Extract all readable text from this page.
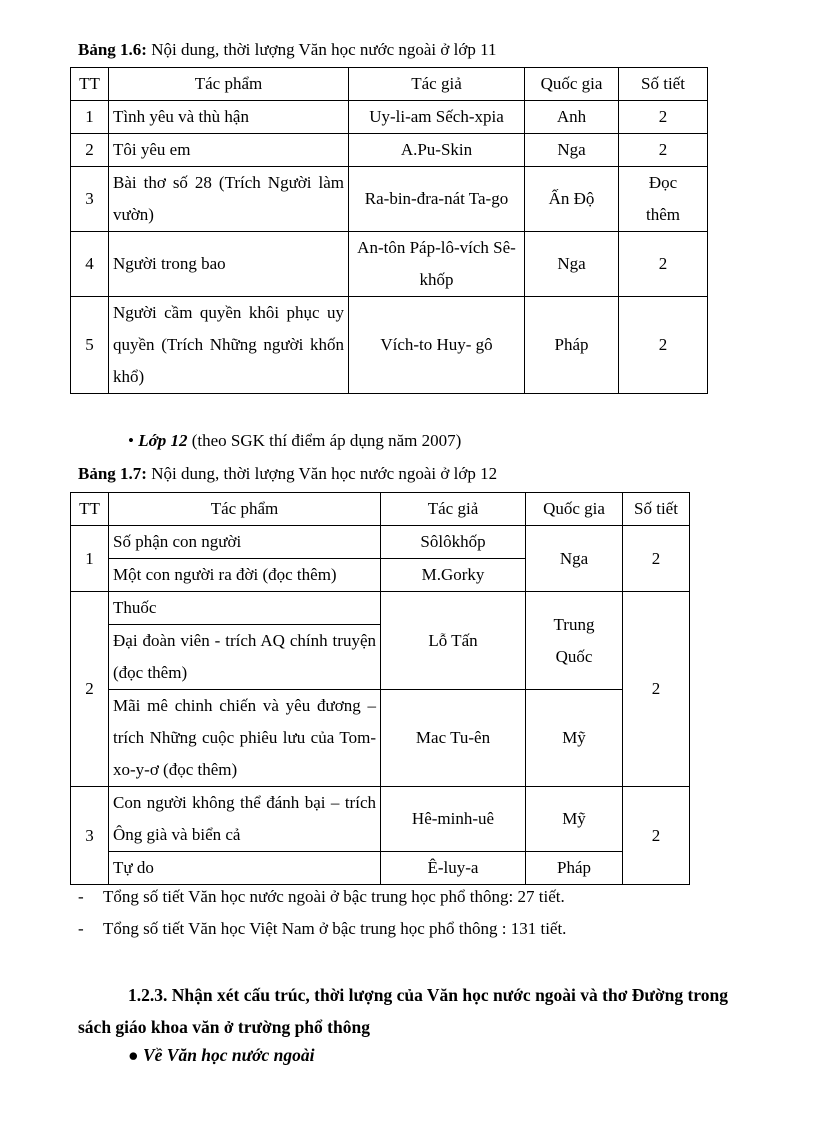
Bảng 1.6: Nội dung, thời lượng Văn học nước ngoài ở lớp 11
TT	Tác phẩm	Tác giả	Quốc gia	Số tiết
1	Tình yêu và thù hận	Uy-li-am Sếch-xpia	Anh	2
2	Tôi yêu em	A.Pu-Skin	Nga	2
3	Bài thơ số 28 (Trích Người làm vườn)	Ra-bin-đra-nát Ta-go	Ấn Độ	Đọc thêm
4	Người trong bao	An-tôn Páp-lô-vích Sê-khốp	Nga	2
5	Người cầm quyền khôi phục uy quyền (Trích Những người khốn khổ)	Vích-to Huy- gô	Pháp	2
• Lớp 12 (theo SGK thí điểm áp dụng năm 2007)
Bảng 1.7: Nội dung, thời lượng Văn học nước ngoài ở lớp 12
TT	Tác phẩm	Tác giả	Quốc gia	Số tiết
1	Số phận con người	Sôlôkhốp	Nga	2
	Một con người ra đời (đọc thêm)	M.Gorky		
2	Thuốc	Lỗ Tấn	Trung Quốc	2
	Đại đoàn viên - trích AQ chính truyện (đọc thêm)			
	Mãi mê chinh chiến và yêu đương – trích Những cuộc phiêu lưu của Tom-xo-y-ơ (đọc thêm)	Mac Tu-ên	Mỹ	
3	Con người không thể đánh bại – trích Ông già và biển cả	Hê-minh-uê	Mỹ	2
	Tự do	Ê-luy-a	Pháp	
- Tổng số tiết Văn học nước ngoài ở bậc trung học phổ thông: 27 tiết.
- Tổng số tiết Văn học Việt Nam ở bậc trung học phổ thông : 131 tiết.
1.2.3. Nhận xét cấu trúc, thời lượng của Văn học nước ngoài và thơ Đường trong sách giáo khoa văn ở trường phổ thông
● Về Văn học nước ngoài
